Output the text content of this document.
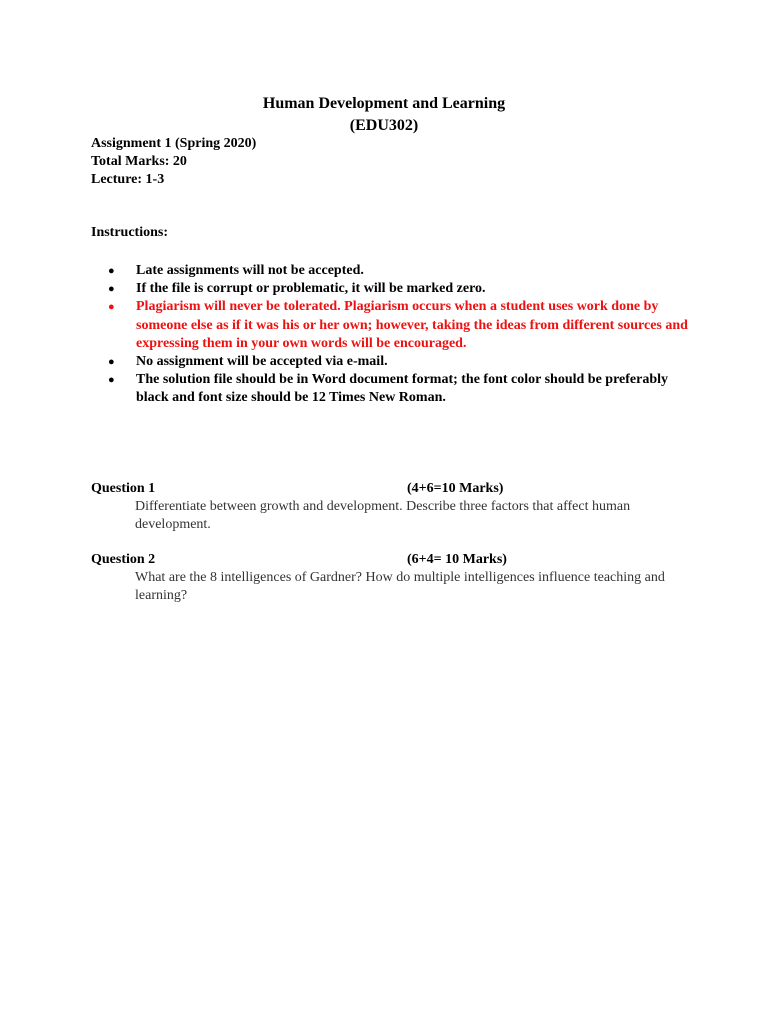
Human Development and Learning
(EDU302)
Assignment 1 (Spring 2020)
Total Marks: 20
Lecture: 1-3
Instructions:
●	Late assignments will not be accepted.
●	If the file is corrupt or problematic, it will be marked zero.
●	Plagiarism will never be tolerated. Plagiarism occurs when a student uses work done by someone else as if it was his or her own; however, taking the ideas from different sources and expressing them in your own words will be encouraged.
●	No assignment will be accepted via e-mail.
●	The solution file should be in Word document format; the font color should be preferably black and font size should be 12 Times New Roman.
Question 1	(4+6=10 Marks)
Differentiate between growth and development. Describe three factors that affect human development.
Question 2	(6+4= 10 Marks)
What are the 8 intelligences of Gardner? How do multiple intelligences influence teaching and learning?
